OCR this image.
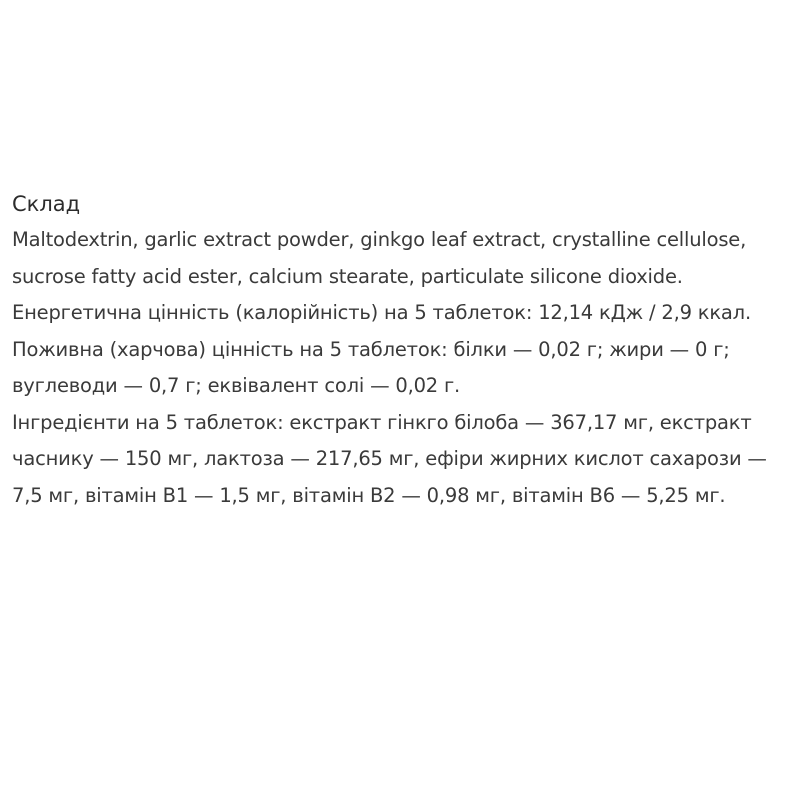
Склад

Maltodextrin, garlic extract powder, ginkgo leaf extract, crystalline cellulose, sucrose fatty acid ester, calcium stearate, particulate silicone dioxide.

Енергетична цінність (калорійність) на 5 таблеток: 12,14 кДж / 2,9 ккал.

Поживна (харчова) цінність на 5 таблеток: білки — 0,02 г; жири — 0 г; вуглеводи — 0,7 г; еквівалент солі — 0,02 г.

Інгредієнти на 5 таблеток: екстракт гінкго білоба — 367,17 мг, екстракт часнику — 150 мг, лактоза — 217,65 мг, ефіри жирних кислот сахарози — 7,5 мг, вітамін В1 — 1,5 мг, вітамін В2 — 0,98 мг, вітамін В6 — 5,25 мг.
